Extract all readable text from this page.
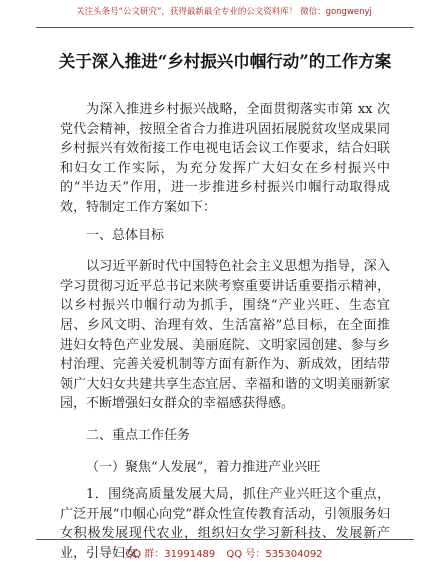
关注头条号“公文研究”，获得最新最全专业的公文资料库！ 微信：gongwenyj
关于深入推进“乡村振兴巾帼行动”的工作方案

为深入推进乡村振兴战略，全面贯彻落实市第 xx 次党代会精神，按照全省合力推进巩固拓展脱贫攻坚成果同乡村振兴有效衔接工作电视电话会议工作要求，结合妇联和妇女工作实际，为充分发挥广大妇女在乡村振兴中的“半边天”作用，进一步推进乡村振兴巾帼行动取得成效，特制定工作方案如下：

一、总体目标

以习近平新时代中国特色社会主义思想为指导，深入学习贯彻习近平总书记来陕考察重要讲话重要指示精神，以乡村振兴巾帼行动为抓手，围绕“产业兴旺、生态宜居、乡风文明、治理有效、生活富裕”总目标，在全面推进妇女特色产业发展、美丽庭院、文明家园创建、参与乡村治理、完善关爱机制等方面有新作为、新成效，团结带领广大妇女共建共享生态宜居、幸福和谐的文明美丽新家园，不断增强妇女群众的幸福感获得感。

二、重点工作任务

（一）聚焦“人发展”，着力推进产业兴旺

1．围绕高质量发展大局，抓住产业兴旺这个重点，广泛开展“巾帼心向党”群众性宣传教育活动，引领服务妇女积极发展现代农业，组织妇女学习新科技、发展新产业，引导妇女

QQ 群：31991489 QQ 号：535304092
